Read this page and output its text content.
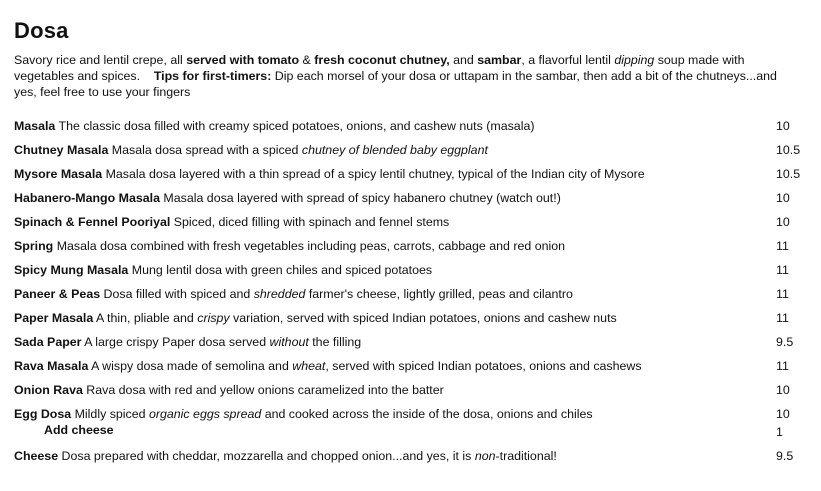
Dosa
Savory rice and lentil crepe, all served with tomato & fresh coconut chutney, and sambar, a flavorful lentil dipping soup made with vegetables and spices.    Tips for first-timers: Dip each morsel of your dosa or uttapam in the sambar, then add a bit of the chutneys...and yes, feel free to use your fingers
Masala The classic dosa filled with creamy spiced potatoes, onions, and cashew nuts (masala)	10
Chutney Masala Masala dosa spread with a spiced chutney of blended baby eggplant	10.5
Mysore Masala Masala dosa layered with a thin spread of a spicy lentil chutney, typical of the Indian city of Mysore	10.5
Habanero-Mango Masala Masala dosa layered with spread of spicy habanero chutney (watch out!)	10
Spinach & Fennel Pooriyal Spiced, diced filling with spinach and fennel stems	10
Spring Masala dosa combined with fresh vegetables including peas, carrots, cabbage and red onion	11
Spicy Mung Masala Mung lentil dosa with green chiles and spiced potatoes	11
Paneer & Peas Dosa filled with spiced and shredded farmer's cheese, lightly grilled, peas and cilantro	11
Paper Masala A thin, pliable and crispy variation, served with spiced Indian potatoes, onions and cashew nuts	11
Sada Paper A large crispy Paper dosa served without the filling	9.5
Rava Masala A wispy dosa made of semolina and wheat, served with spiced Indian potatoes, onions and cashews	11
Onion Rava Rava dosa with red and yellow onions caramelized into the batter	10
Egg Dosa Mildly spiced organic eggs spread and cooked across the inside of the dosa, onions and chiles	10
Add cheese	1
Cheese Dosa prepared with cheddar, mozzarella and chopped onion...and yes, it is non-traditional!	9.5
